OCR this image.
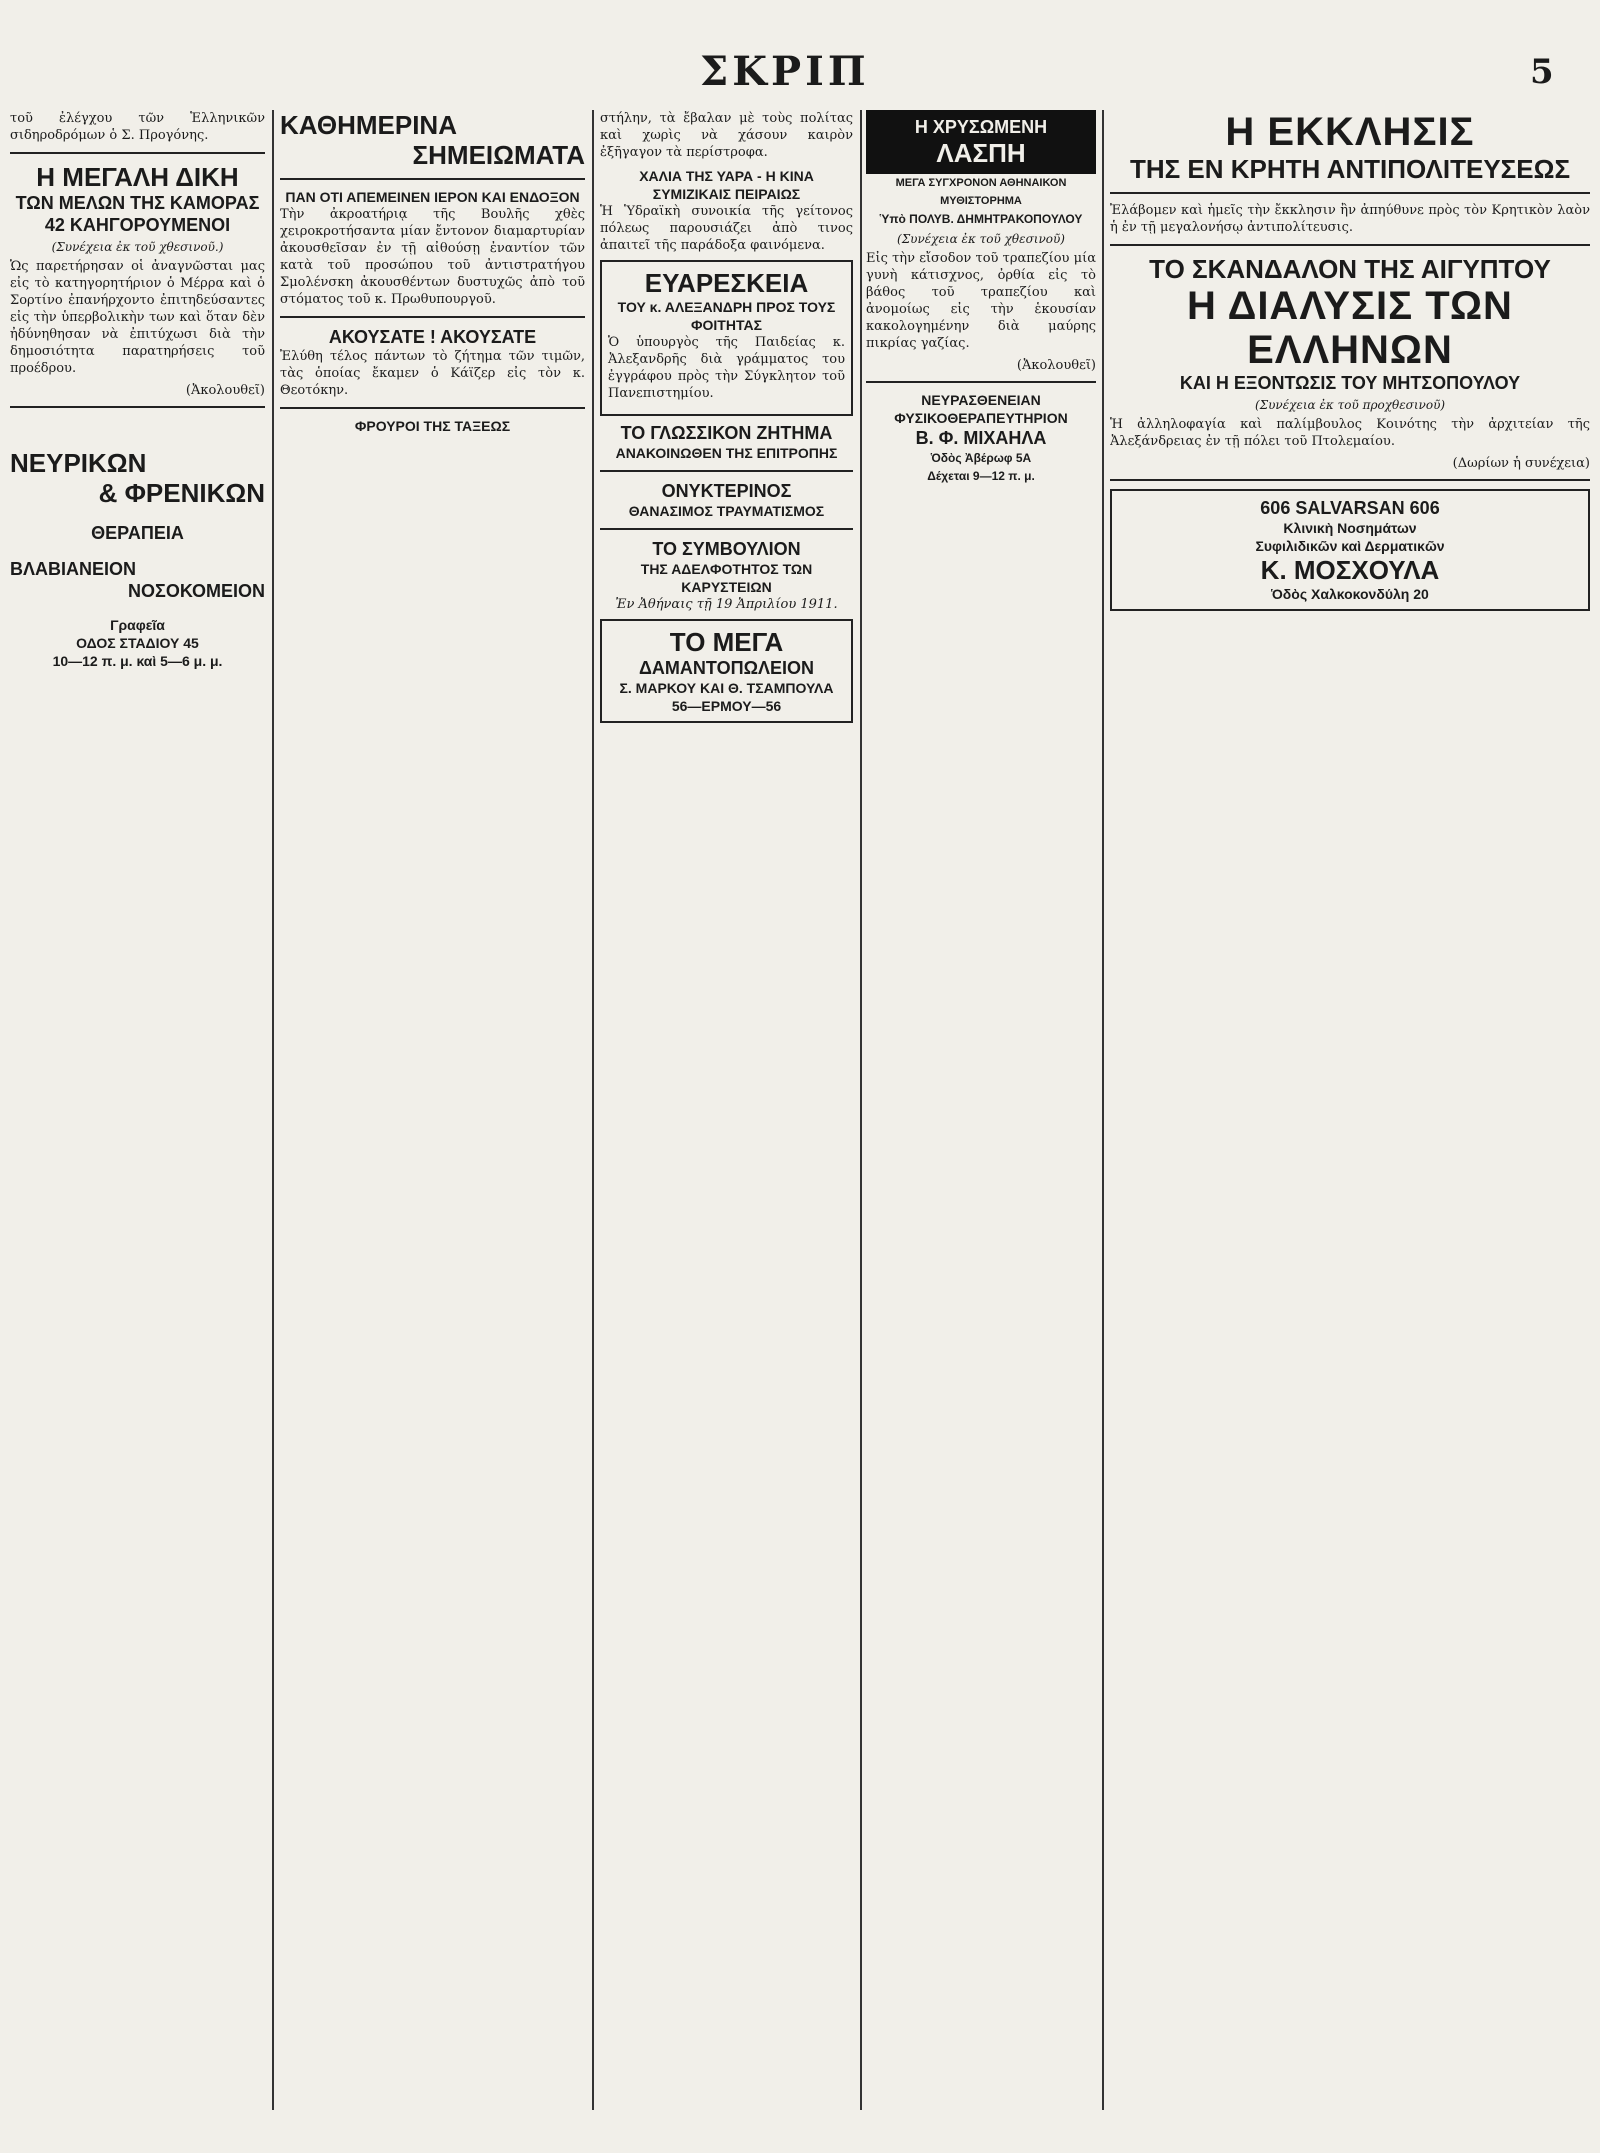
ΣΚΡΙΠ	5

τοῦ ἐλέγχου τῶν Ἑλληνικῶν σιδηροδρόμων ὁ Σ. Προγόνης.

Η ΜΕΓΑΛΗ ΔΙΚΗ
ΤΩΝ ΜΕΛΩΝ ΤΗΣ ΚΑΜΟΡΑΣ
42 ΚΑΗΓΟΡΟΥΜΕΝΟΙ
(Συνέχεια ἐκ τοῦ χθεσινοῦ.)

Ὡς παρετήρησαν οἱ ἀναγνῶσται μας εἰς τὸ κατηγορητήριον ὁ Μέρρα καὶ ὁ Σορτίνο ἐπανήρχοντο ἐπιτηδεύσαντες εἰς τὴν ὑπερβολικὴν των καὶ ὅταν δὲν ἠδύνηθησαν νὰ ἐπιτύχωσι διὰ τὴν δημοσιότητα παρατηρήσεις τοῦ προέδρου.

(Ἀκολουθεῖ)
ΝΕΥΡΙΚΩΝ
& ΦΡΕΝΙΚΩΝ
ΘΕΡΑΠΕΙΑ
ΒΛΑΒΙΑΝΕΙΟΝ
ΝΟΣΟΚΟΜΕΙΟΝ
Γραφεῖα
ΟΔΟΣ ΣΤΑΔΙΟΥ 45
10—12 π. μ. καὶ 5—6 μ. μ.
ΚΑΘΗΜΕΡΙΝΑ
ΣΗΜΕΙΩΜΑΤΑ
ΠΑΝ ΟΤΙ ΑΠΕΜΕΙΝΕΝ ΙΕΡΟΝ ΚΑΙ ΕΝΔΟΞΟΝ

Τὴν ἀκροατήριᾳ τῆς Βουλῆς χθὲς χειροκροτήσαντα μίαν ἔντονον διαμαρτυρίαν ἀκουσθεῖσαν ἐν τῇ αἰθούσῃ ἐναντίον τῶν κατὰ τοῦ προσώπου τοῦ ἀντιστρατήγου Σμολένσκη ἀκουσθέντων δυστυχῶς ἀπὸ τοῦ στόματος τοῦ κ. Πρωθυπουργοῦ.

ΑΚΟΥΣΑΤΕ ! ΑΚΟΥΣΑΤΕ

Ἐλύθη τέλος πάντων τὸ ζήτημα τῶν τιμῶν, τὰς ὁποίας ἔκαμεν ὁ Κάϊζερ εἰς τὸν κ. Θεοτόκην.

ΦΡΟΥΡΟΙ ΤΗΣ ΤΑΞΕΩΣ

στήλην, τὰ ἔβαλαν μὲ τοὺς πολίτας καὶ χωρὶς νὰ χάσουν καιρὸν ἐξῆγαγον τὰ περίστροφα.

ΧΑΛΙΑ ΤΗΣ ΥΑΡΑ - Η ΚΙΝΑ ΣΥΜΙΖΙΚΑΙΣ ΠΕΙΡΑΙΩΣ

Ἡ Ὑδραϊκὴ συνοικία τῆς γείτονος πόλεως παρουσιάζει ἀπὸ τινος ἀπαιτεῖ τῆς παράδοξα φαινόμενα.

ΕΥΑΡΕΣΚΕΙΑ
ΤΟΥ κ. ΑΛΕΞΑΝΔΡΗ ΠΡΟΣ ΤΟΥΣ ΦΟΙΤΗΤΑΣ

Ὁ ὑπουργὸς τῆς Παιδείας κ. Ἀλεξανδρῆς διὰ γράμματος του ἐγγράφου πρὸς τὴν Σύγκλητον τοῦ Πανεπιστημίου.

ΤΟ ΓΛΩΣΣΙΚΟΝ ΖΗΤΗΜΑ
ΑΝΑΚΟΙΝΩΘΕΝ ΤΗΣ ΕΠΙΤΡΟΠΗΣ
ΟΝΥΚΤΕΡΙΝΟΣ
ΘΑΝΑΣΙΜΟΣ ΤΡΑΥΜΑΤΙΣΜΟΣ
ΤΟ ΣΥΜΒΟΥΛΙΟΝ
ΤΗΣ ΑΔΕΛΦΟΤΗΤΟΣ ΤΩΝ ΚΑΡΥΣΤΕΙΩΝ

Ἐν Ἀθήναις τῇ 19 Ἀπριλίου 1911.

ΤΟ ΜΕΓΑ
ΔΑΜΑΝΤΟΠΩΛΕΙΟΝ
Σ. ΜΑΡΚΟΥ ΚΑΙ Θ. ΤΣΑΜΠΟΥΛΑ
56—ΕΡΜΟΥ—56
Η ΧΡΥΣΩΜΕΝΗ
ΛΑΣΠΗ
ΜΕΓΑ ΣΥΓΧΡΟΝΟΝ ΑΘΗΝΑΙΚΟΝ ΜΥΘΙΣΤΟΡΗΜΑ
Ὑπὸ ΠΟΛΥΒ. ΔΗΜΗΤΡΑΚΟΠΟΥΛΟΥ
(Συνέχεια ἐκ τοῦ χθεσινοῦ)

Εἰς τὴν εἴσοδον τοῦ τραπεζίου μία γυνὴ κάτισχνος, ὀρθία εἰς τὸ βάθος τοῦ τραπεζίου καὶ ἀνομοίως εἰς τὴν ἑκουσίαν κακολογημένην διὰ μαύρης πικρίας γαζίας.

(Ἀκολουθεῖ)
ΝΕΥΡΑΣΘΕΝΕΙΑΝ
ΦΥΣΙΚΟΘΕΡΑΠΕΥΤΗΡΙΟΝ
Β. Φ. ΜΙΧΑΗΛΑ
Ὁδὸς Ἀβέρωφ 5Α
Δέχεται 9—12 π. μ.
Η ΕΚΚΛΗΣΙΣ
ΤΗΣ ΕΝ ΚΡΗΤΗ ΑΝΤΙΠΟΛΙΤΕΥΣΕΩΣ

Ἐλάβομεν καὶ ἡμεῖς τὴν ἔκκλησιν ἢν ἀπηύθυνε πρὸς τὸν Κρητικὸν λαὸν ἡ ἐν τῇ μεγαλονήσῳ ἀντιπολίτευσις.

ΤΟ ΣΚΑΝΔΑΛΟΝ ΤΗΣ ΑΙΓΥΠΤΟΥ
Η ΔΙΑΛΥΣΙΣ ΤΩΝ ΕΛΛΗΝΩΝ
ΚΑΙ Η ΕΞΟΝΤΩΣΙΣ ΤΟΥ ΜΗΤΣΟΠΟΥΛΟΥ
(Συνέχεια ἐκ τοῦ προχθεσινοῦ)

Ἡ ἀλληλοφαγία καὶ παλίμβουλος Κοινότης τὴν ἀρχιτείαν τῆς Ἀλεξάνδρειας ἐν τῇ πόλει τοῦ Πτολεμαίου.

(Δωρίων ἡ συνέχεια)
606 SALVARSAN 606
Κλινικὴ Νοσημάτων
Συφιλιδικῶν καὶ Δερματικῶν
Κ. ΜΟΣΧΟΥΛΑ
Ὁδὸς Χαλκοκονδύλη 20
